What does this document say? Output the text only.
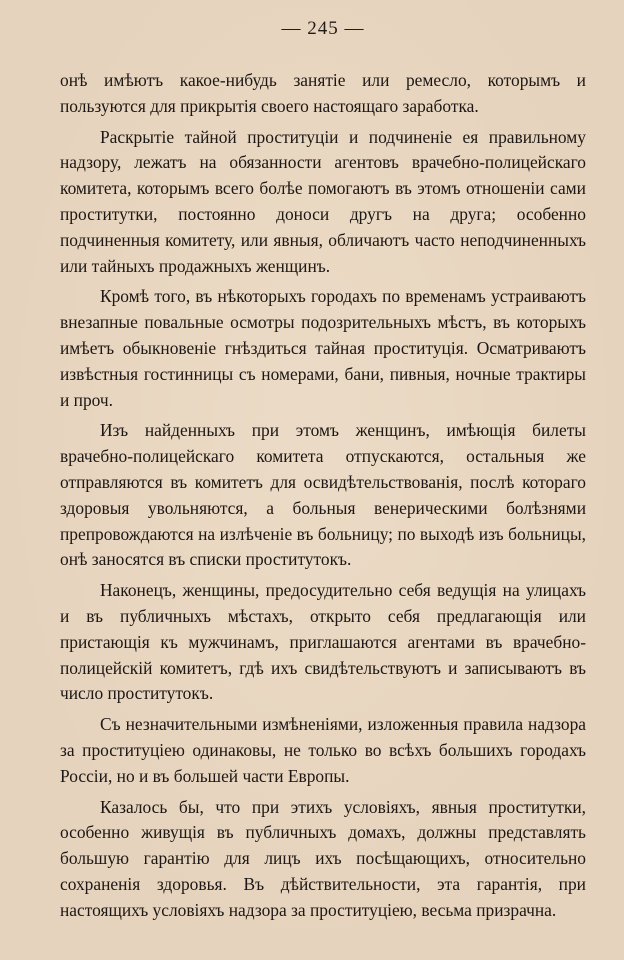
— 245 —

онѣ имѣютъ какое-нибудь занятіе или ремесло, которымъ и пользуются для прикрытія своего настоящаго заработка.

Раскрытіе тайной проституціи и подчиненіе ея правильному надзору, лежатъ на обязанности агентовъ врачебно-полицейскаго комитета, которымъ всего болѣе помогаютъ въ этомъ отношеніи сами проститутки, постоянно доноси другъ на друга; особенно подчиненныя комитету, или явныя, обличаютъ часто неподчиненныхъ или тайныхъ продажныхъ женщинъ.

Кромѣ того, въ нѣкоторыхъ городахъ по временамъ устраиваютъ внезапные повальные осмотры подозрительныхъ мѣстъ, въ которыхъ имѣетъ обыкновеніе гнѣздиться тайная проституція. Осматриваютъ извѣстныя гостинницы съ номерами, бани, пивныя, ночные трактиры и проч.

Изъ найденныхъ при этомъ женщинъ, имѣющія билеты врачебно-полицейскаго комитета отпускаются, остальныя же отправляются въ комитетъ для освидѣтельствованія, послѣ котораго здоровыя увольняются, а больныя венерическими болѣзнями препровождаются на излѣченіе въ больницу; по выходѣ изъ больницы, онѣ заносятся въ списки проститутокъ.

Наконецъ, женщины, предосудительно себя ведущія на улицахъ и въ публичныхъ мѣстахъ, открыто себя предлагающія или пристающія къ мужчинамъ, приглашаются агентами въ врачебно-полицейскій комитетъ, гдѣ ихъ свидѣтельствуютъ и записываютъ въ число проститутокъ.

Съ незначительными измѣненіями, изложенныя правила надзора за проституціею одинаковы, не только во всѣхъ большихъ городахъ Россіи, но и въ большей части Европы.

Казалось бы, что при этихъ условіяхъ, явныя проститутки, особенно живущія въ публичныхъ домахъ, должны представлять большую гарантію для лицъ ихъ посѣщающихъ, относительно сохраненія здоровья. Въ дѣйствительности, эта гарантія, при настоящихъ условіяхъ надзора за проституціею, весьма призрачна.
